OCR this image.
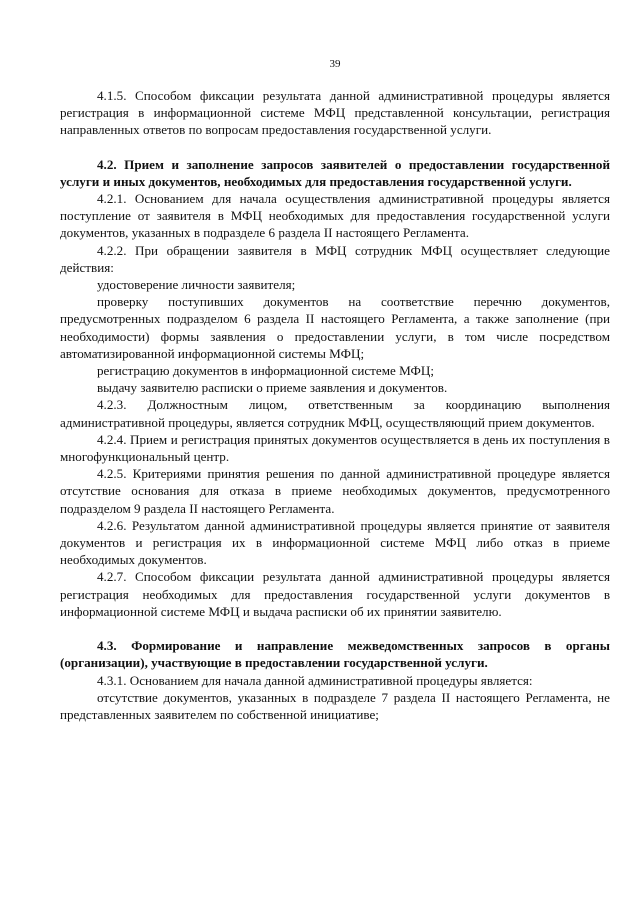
39

4.1.5. Способом фиксации результата данной административной процедуры является регистрация в информационной системе МФЦ представленной консультации, регистрация направленных ответов по вопросам предоставления государственной услуги.

4.2. Прием и заполнение запросов заявителей о предоставлении государственной услуги и иных документов, необходимых для предоставления государственной услуги.

4.2.1. Основанием для начала осуществления административной процедуры является поступление от заявителя в МФЦ необходимых для предоставления государственной услуги документов, указанных в подразделе 6 раздела II настоящего Регламента.

4.2.2. При обращении заявителя в МФЦ сотрудник МФЦ осуществляет следующие действия:

удостоверение личности заявителя;

проверку поступивших документов на соответствие перечню документов, предусмотренных подразделом 6 раздела II настоящего Регламента, а также заполнение (при необходимости) формы заявления о предоставлении услуги, в том числе посредством автоматизированной информационной системы МФЦ;

регистрацию документов в информационной системе МФЦ;

выдачу заявителю расписки о приеме заявления и документов.

4.2.3. Должностным лицом, ответственным за координацию выполнения административной процедуры, является сотрудник МФЦ, осуществляющий прием документов.

4.2.4. Прием и регистрация принятых документов осуществляется в день их поступления в многофункциональный центр.

4.2.5. Критериями принятия решения по данной административной процедуре является отсутствие основания для отказа в приеме необходимых документов, предусмотренного подразделом 9 раздела II настоящего Регламента.

4.2.6. Результатом данной административной процедуры является принятие от заявителя документов и регистрация их в информационной системе МФЦ либо отказ в приеме необходимых документов.

4.2.7. Способом фиксации результата данной административной процедуры является регистрация необходимых для предоставления государственной услуги документов в информационной системе МФЦ и выдача расписки об их принятии заявителю.

4.3. Формирование и направление межведомственных запросов в органы (организации), участвующие в предоставлении государственной услуги.

4.3.1. Основанием для начала данной административной процедуры является:

отсутствие документов, указанных в подразделе 7 раздела II настоящего Регламента, не представленных заявителем по собственной инициативе;
